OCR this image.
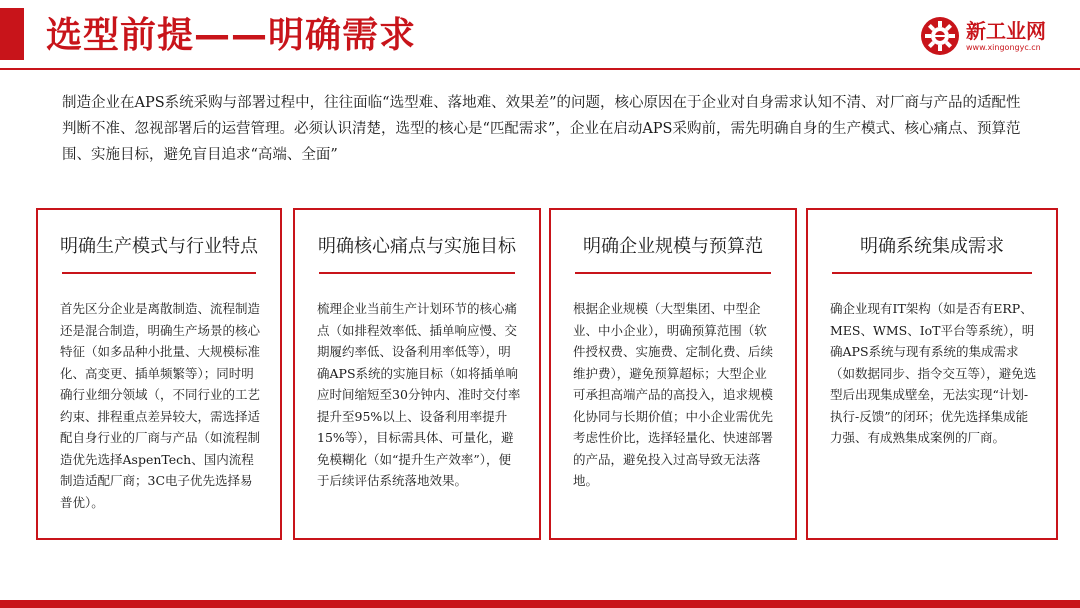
选型前提——明确需求	新工业网
www.xingongyc.cn
制造企业在APS系统采购与部署过程中，往往面临“选型难、落地难、效果差”的问题，核心原因在于企业对自身需求认知不清、对厂商与产品的适配性判断不准、忽视部署后的运营管理。必须认识清楚，选型的核心是“匹配需求”，企业在启动APS采购前，需先明确自身的生产模式、核心痛点、预算范围、实施目标，避免盲目追求“高端、全面”
明确生产模式与行业特点
首先区分企业是离散制造、流程制造还是混合制造，明确生产场景的核心特征（如多品种小批量、大规模标准化、高变更、插单频繁等）；同时明确行业细分领域（，不同行业的工艺约束、排程重点差异较大，需选择适配自身行业的厂商与产品（如流程制造优先选择AspenTech、国内流程制造适配厂商；3C电子优先选择易普优）。
明确核心痛点与实施目标
梳理企业当前生产计划环节的核心痛点（如排程效率低、插单响应慢、交期履约率低、设备利用率低等），明确APS系统的实施目标（如将插单响应时间缩短至30分钟内、准时交付率提升至95%以上、设备利用率提升15%等），目标需具体、可量化，避免模糊化（如“提升生产效率”），便于后续评估系统落地效果。
明确企业规模与预算范
根据企业规模（大型集团、中型企业、中小企业），明确预算范围（软件授权费、实施费、定制化费、后续维护费），避免预算超标；大型企业可承担高端产品的高投入，追求规模化协同与长期价值；中小企业需优先考虑性价比，选择轻量化、快速部署的产品，避免投入过高导致无法落地。
明确系统集成需求
确企业现有IT架构（如是否有ERP、MES、WMS、IoT平台等系统），明确APS系统与现有系统的集成需求（如数据同步、指令交互等），避免选型后出现集成壁垒，无法实现“计划-执行-反馈”的闭环；优先选择集成能力强、有成熟集成案例的厂商。
